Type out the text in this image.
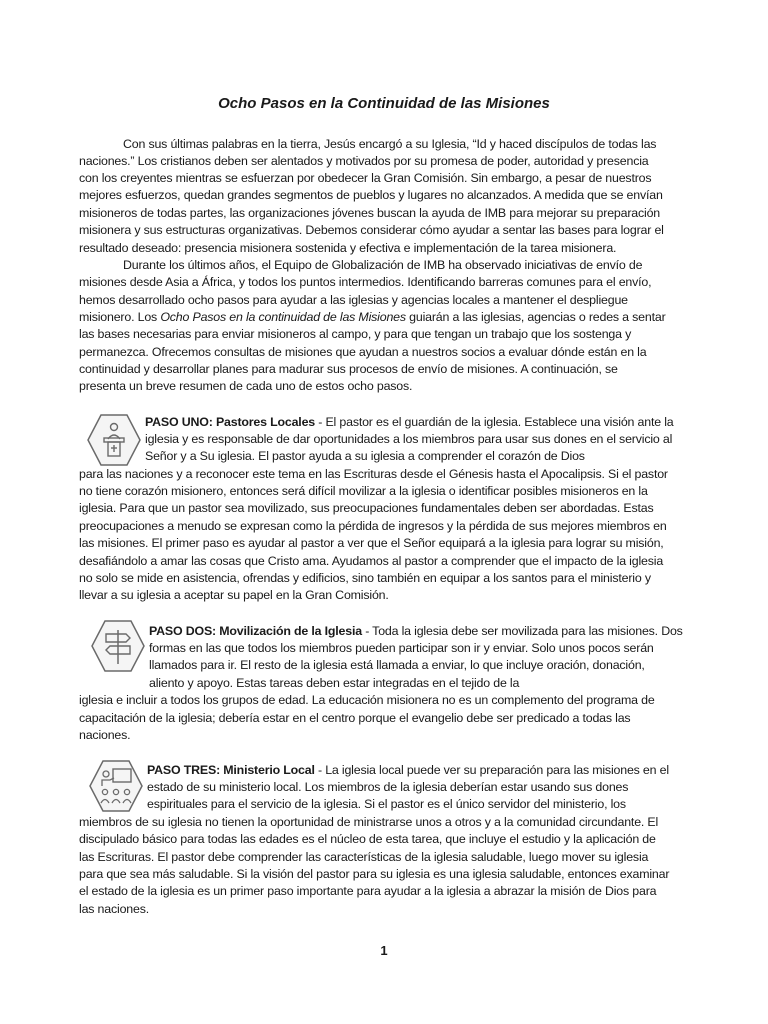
Ocho Pasos en la Continuidad de las Misiones
Con sus últimas palabras en la tierra, Jesús encargó a su Iglesia, “Id y haced discípulos de todas las
naciones.” Los cristianos deben ser alentados y motivados por su promesa de poder, autoridad y presencia
con los creyentes mientras se esfuerzan por obedecer la Gran Comisión. Sin embargo, a pesar de nuestros
mejores esfuerzos, quedan grandes segmentos de pueblos y lugares no alcanzados. A medida que se envían
misioneros de todas partes, las organizaciones jóvenes buscan la ayuda de IMB para mejorar su preparación
misionera y sus estructuras organizativas. Debemos considerar cómo ayudar a sentar las bases para lograr el
resultado deseado: presencia misionera sostenida y efectiva e implementación de la tarea misionera.
Durante los últimos años, el Equipo de Globalización de IMB ha observado iniciativas de envío de
misiones desde Asia a África, y todos los puntos intermedios. Identificando barreras comunes para el envío,
hemos desarrollado ocho pasos para ayudar a las iglesias y agencias locales a mantener el despliegue
misionero. Los Ocho Pasos en la continuidad de las Misiones guiarán a las iglesias, agencias o redes a sentar
las bases necesarias para enviar misioneros al campo, y para que tengan un trabajo que los sostenga y
permanezca. Ofrecemos consultas de misiones que ayudan a nuestros socios a evaluar dónde están en la
continuidad y desarrollar planes para madurar sus procesos de envío de misiones. A continuación, se
presenta un breve resumen de cada uno de estos ocho pasos.
PASO UNO: Pastores Locales - El pastor es el guardián de la iglesia. Establece una visión ante la
iglesia y es responsable de dar oportunidades a los miembros para usar sus dones en el servicio al
Señor y a Su iglesia. El pastor ayuda a su iglesia a comprender el corazón de Dios
para las naciones y a reconocer este tema en las Escrituras desde el Génesis hasta el Apocalipsis. Si el pastor
no tiene corazón misionero, entonces será difícil movilizar a la iglesia o identificar posibles misioneros en la
iglesia. Para que un pastor sea movilizado, sus preocupaciones fundamentales deben ser abordadas. Estas
preocupaciones a menudo se expresan como la pérdida de ingresos y la pérdida de sus mejores miembros en
las misiones. El primer paso es ayudar al pastor a ver que el Señor equipará a la iglesia para lograr su misión,
desafiándolo a amar las cosas que Cristo ama. Ayudamos al pastor a comprender que el impacto de la iglesia
no solo se mide en asistencia, ofrendas y edificios, sino también en equipar a los santos para el ministerio y
llevar a su iglesia a aceptar su papel en la Gran Comisión.
PASO DOS: Movilización de la Iglesia - Toda la iglesia debe ser movilizada para las misiones. Dos
formas en las que todos los miembros pueden participar son ir y enviar. Solo unos pocos serán
llamados para ir. El resto de la iglesia está llamada a enviar, lo que incluye oración, donación,
aliento y apoyo. Estas tareas deben estar integradas en el tejido de la
iglesia e incluir a todos los grupos de edad. La educación misionera no es un complemento del programa de
capacitación de la iglesia; debería estar en el centro porque el evangelio debe ser predicado a todas las
naciones.
PASO TRES: Ministerio Local - La iglesia local puede ver su preparación para las misiones en el
estado de su ministerio local. Los miembros de la iglesia deberían estar usando sus dones
espirituales para el servicio de la iglesia. Si el pastor es el único servidor del ministerio, los
miembros de su iglesia no tienen la oportunidad de ministrarse unos a otros y a la comunidad circundante. El
discipulado básico para todas las edades es el núcleo de esta tarea, que incluye el estudio y la aplicación de
las Escrituras. El pastor debe comprender las características de la iglesia saludable, luego mover su iglesia
para que sea más saludable. Si la visión del pastor para su iglesia es una iglesia saludable, entonces examinar
el estado de la iglesia es un primer paso importante para ayudar a la iglesia a abrazar la misión de Dios para
las naciones.
1
